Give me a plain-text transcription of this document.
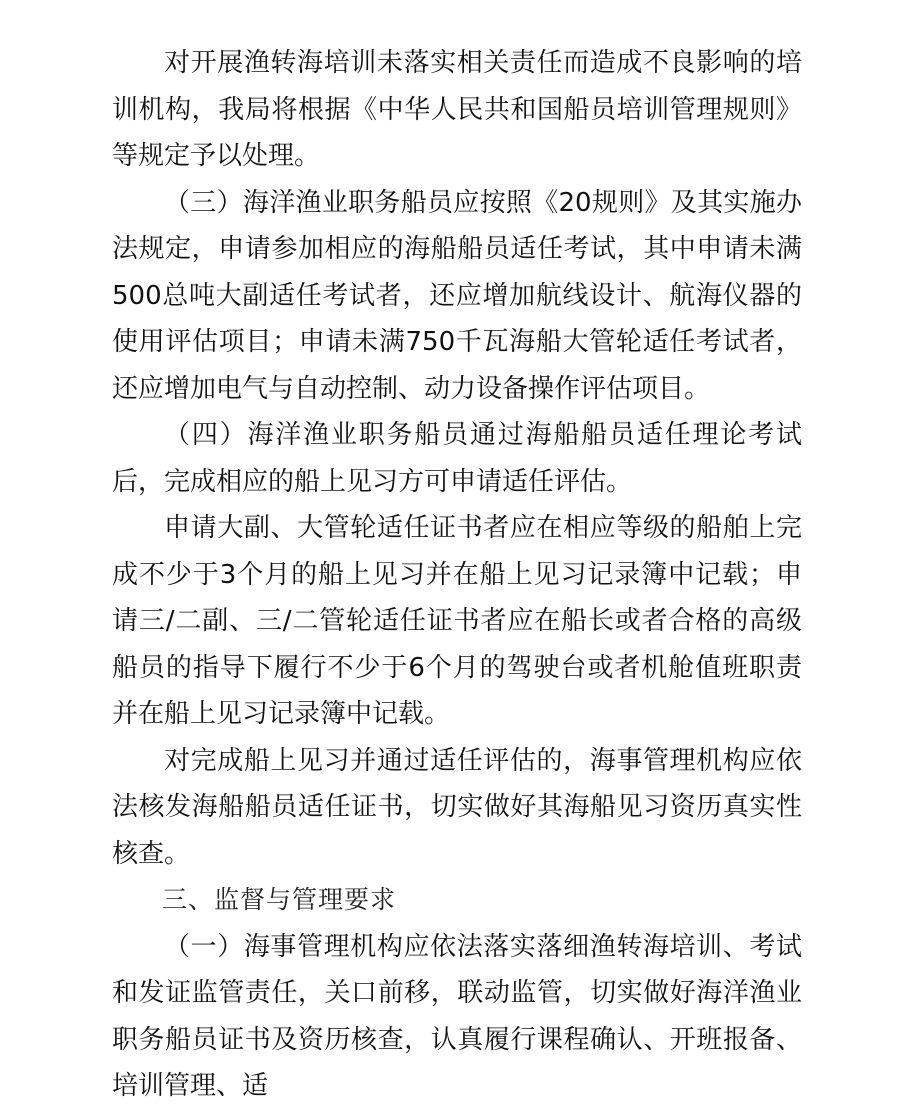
对开展渔转海培训未落实相关责任而造成不良影响的培训机构，我局将根据《中华人民共和国船员培训管理规则》等规定予以处理。

（三）海洋渔业职务船员应按照《20规则》及其实施办法规定，申请参加相应的海船船员适任考试，其中申请未满500总吨大副适任考试者，还应增加航线设计、航海仪器的使用评估项目；申请未满750千瓦海船大管轮适任考试者，还应增加电气与自动控制、动力设备操作评估项目。

（四）海洋渔业职务船员通过海船船员适任理论考试后，完成相应的船上见习方可申请适任评估。

申请大副、大管轮适任证书者应在相应等级的船舶上完成不少于3个月的船上见习并在船上见习记录簿中记载；申请三/二副、三/二管轮适任证书者应在船长或者合格的高级船员的指导下履行不少于6个月的驾驶台或者机舱值班职责并在船上见习记录簿中记载。

对完成船上见习并通过适任评估的，海事管理机构应依法核发海船船员适任证书，切实做好其海船见习资历真实性核查。

三、监督与管理要求

（一）海事管理机构应依法落实落细渔转海培训、考试和发证监管责任，关口前移，联动监管，切实做好海洋渔业职务船员证书及资历核查，认真履行课程确认、开班报备、培训管理、适
